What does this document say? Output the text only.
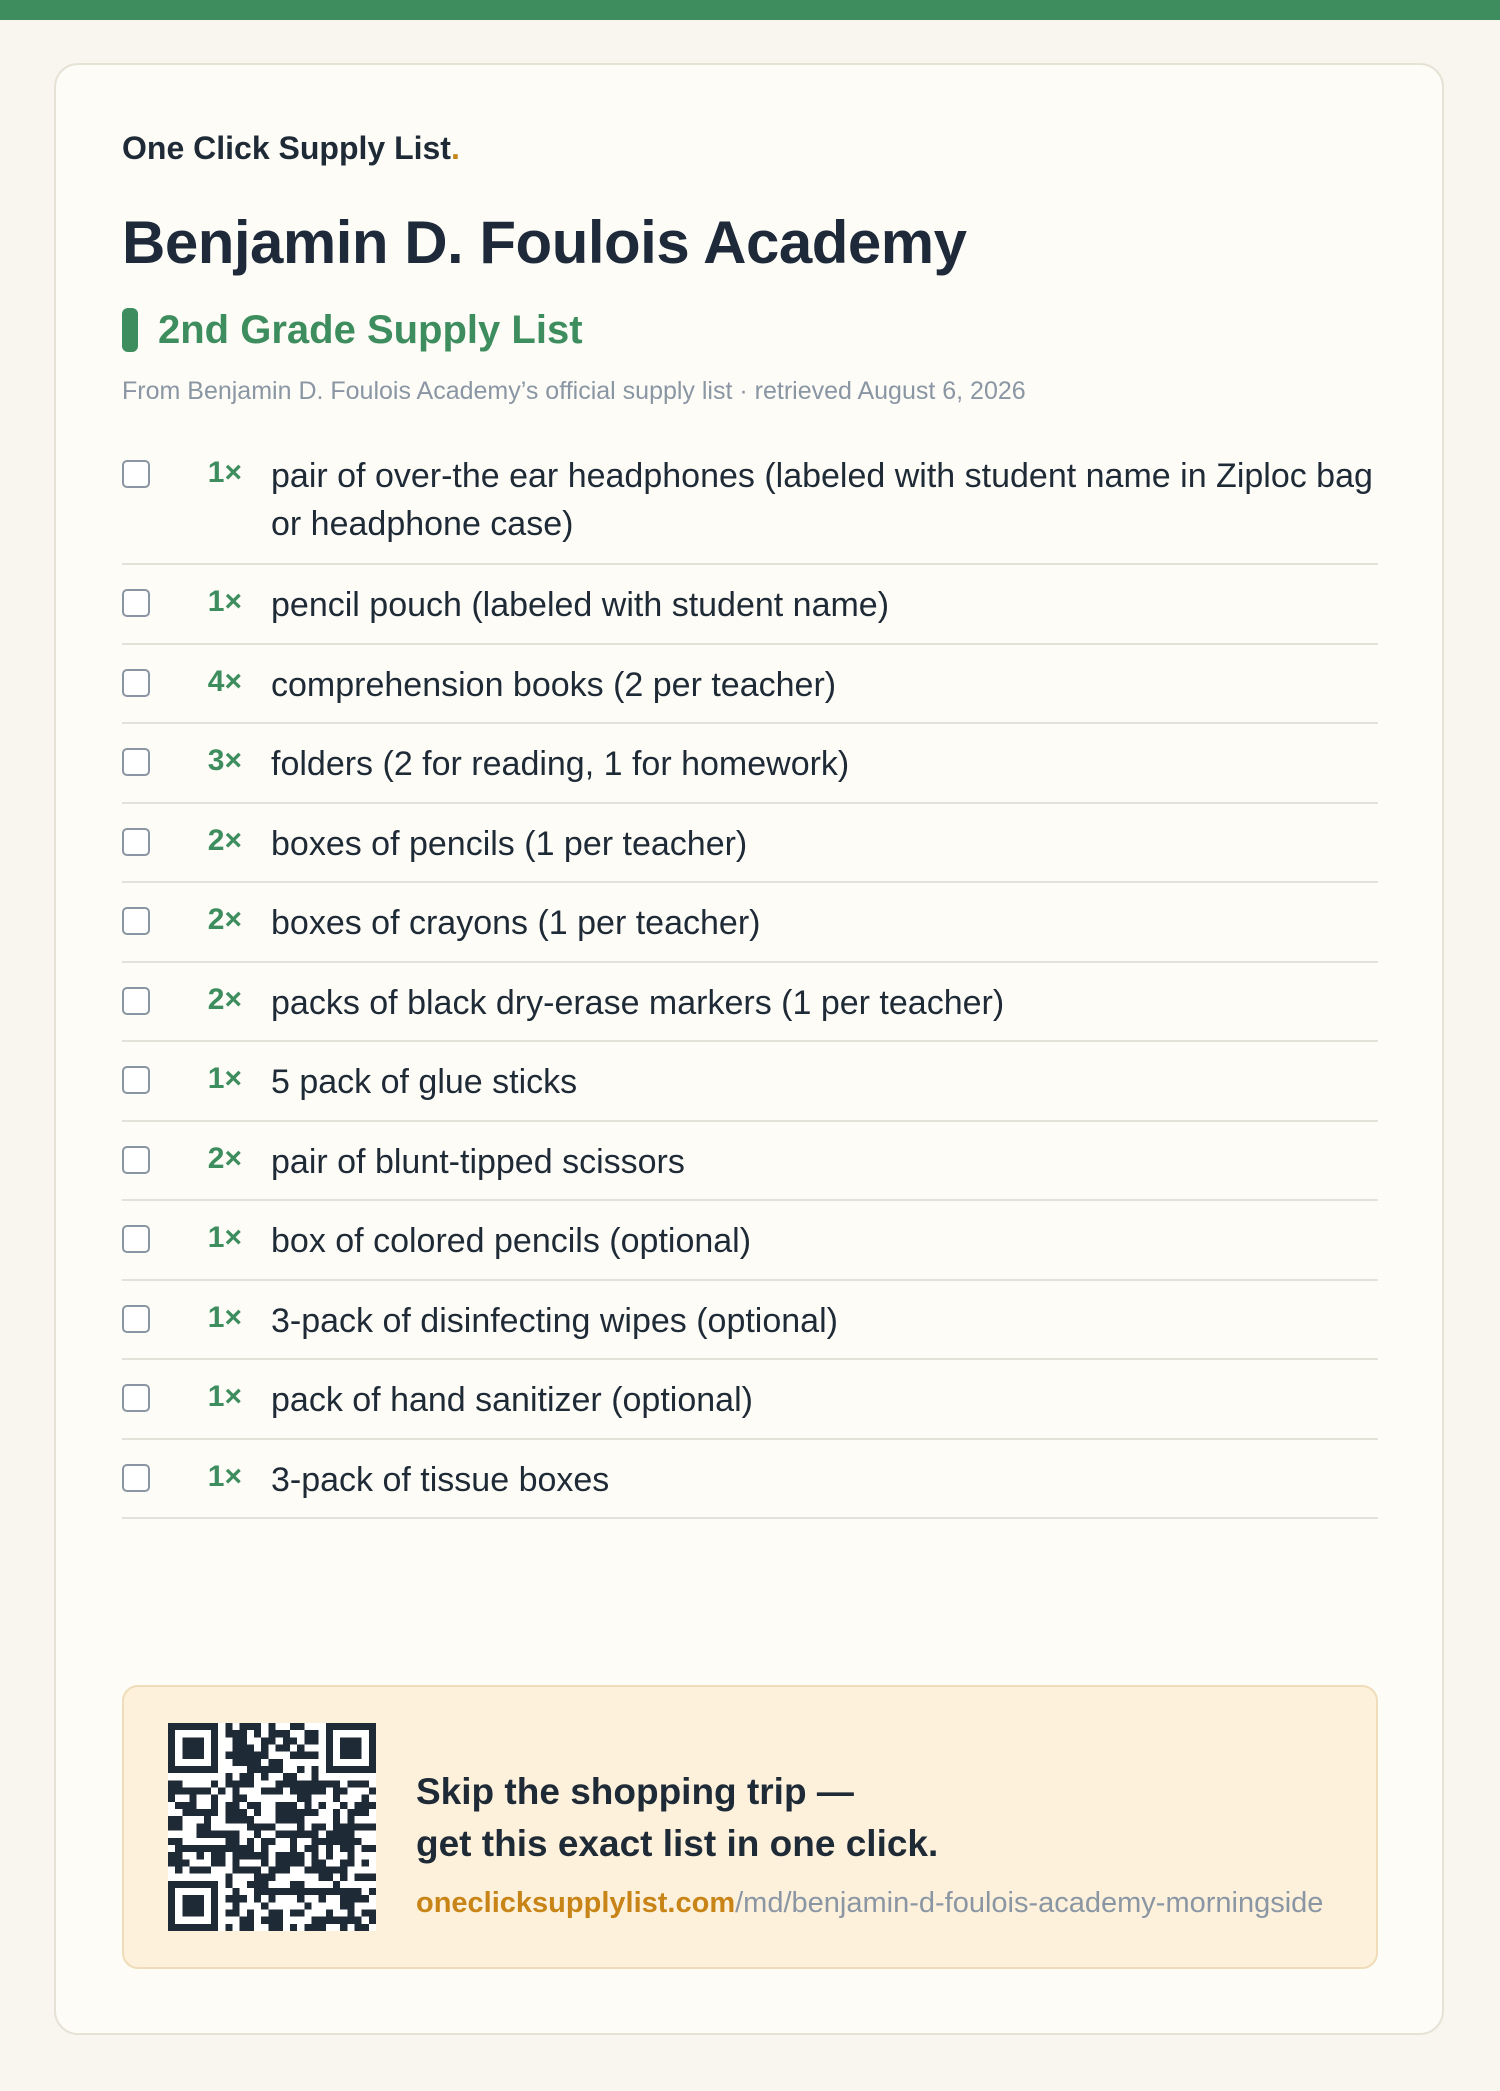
One Click Supply List.
Benjamin D. Foulois Academy
2nd Grade Supply List
From Benjamin D. Foulois Academy’s official supply list · retrieved August 6, 2026
1× pair of over-the ear headphones (labeled with student name in Ziploc bag or headphone case)
1× pencil pouch (labeled with student name)
4× comprehension books (2 per teacher)
3× folders (2 for reading, 1 for homework)
2× boxes of pencils (1 per teacher)
2× boxes of crayons (1 per teacher)
2× packs of black dry-erase markers (1 per teacher)
1× 5 pack of glue sticks
2× pair of blunt-tipped scissors
1× box of colored pencils (optional)
1× 3-pack of disinfecting wipes (optional)
1× pack of hand sanitizer (optional)
1× 3-pack of tissue boxes
Skip the shopping trip —
get this exact list in one click.
oneclicksupplylist.com/md/benjamin-d-foulois-academy-morningside
